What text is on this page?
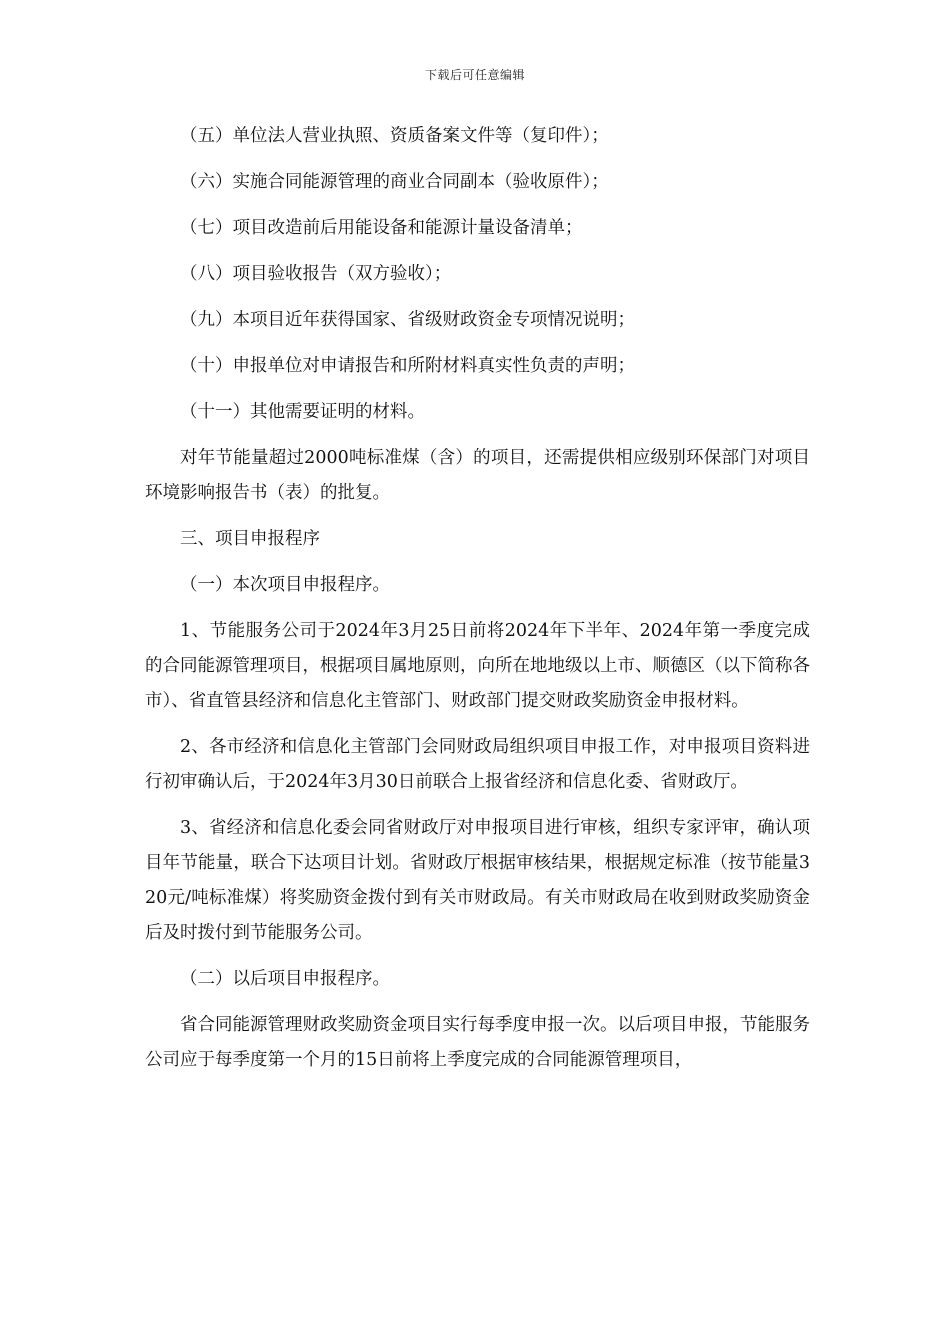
下载后可任意编辑

（五）单位法人营业执照、资质备案文件等（复印件）；

（六）实施合同能源管理的商业合同副本（验收原件）；

（七）项目改造前后用能设备和能源计量设备清单；

（八）项目验收报告（双方验收）；

（九）本项目近年获得国家、省级财政资金专项情况说明；

（十）申报单位对申请报告和所附材料真实性负责的声明；

（十一）其他需要证明的材料。

对年节能量超过2000吨标准煤（含）的项目，还需提供相应级别环保部门对项目环境影响报告书（表）的批复。

三、项目申报程序

（一）本次项目申报程序。

1、节能服务公司于2024年3月25日前将2024年下半年、2024年第一季度完成的合同能源管理项目，根据项目属地原则，向所在地地级以上市、顺德区（以下简称各市）、省直管县经济和信息化主管部门、财政部门提交财政奖励资金申报材料。

2、各市经济和信息化主管部门会同财政局组织项目申报工作，对申报项目资料进行初审确认后，于2024年3月30日前联合上报省经济和信息化委、省财政厅。

3、省经济和信息化委会同省财政厅对申报项目进行审核，组织专家评审，确认项目年节能量，联合下达项目计划。省财政厅根据审核结果，根据规定标准（按节能量320元/吨标准煤）将奖励资金拨付到有关市财政局。有关市财政局在收到财政奖励资金后及时拨付到节能服务公司。

（二）以后项目申报程序。

省合同能源管理财政奖励资金项目实行每季度申报一次。以后项目申报，节能服务公司应于每季度第一个月的15日前将上季度完成的合同能源管理项目，
